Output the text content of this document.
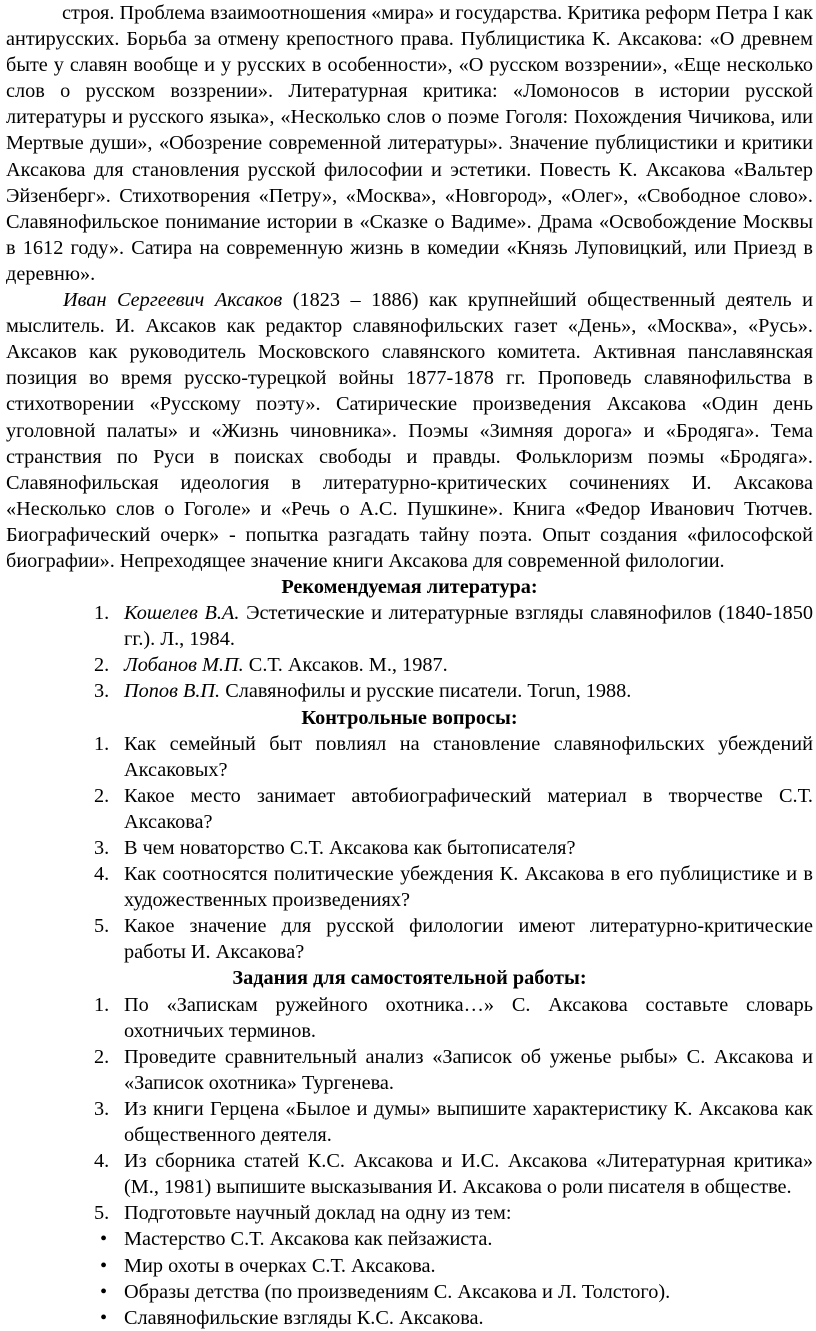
строя. Проблема взаимоотношения «мира» и государства. Критика реформ Петра I как антирусских. Борьба за отмену крепостного права. Публицистика К. Аксакова: «О древнем быте у славян вообще и у русских в особенности», «О русском воззрении», «Еще несколько слов о русском воззрении». Литературная критика: «Ломоносов в истории русской литературы и русского языка», «Несколько слов о поэме Гоголя: Похождения Чичикова, или Мертвые души», «Обозрение современной литературы». Значение публицистики и критики Аксакова для становления русской философии и эстетики. Повесть К. Аксакова «Вальтер Эйзенберг». Стихотворения «Петру», «Москва», «Новгород», «Олег», «Свободное слово». Славянофильское понимание истории в «Сказке о Вадиме». Драма «Освобождение Москвы в 1612 году». Сатира на современную жизнь в комедии «Князь Луповицкий, или Приезд в деревню».

Иван Сергеевич Аксаков (1823 – 1886) как крупнейший общественный деятель и мыслитель. И. Аксаков как редактор славянофильских газет «День», «Москва», «Русь». Аксаков как руководитель Московского славянского комитета. Активная панславянская позиция во время русско-турецкой войны 1877-1878 гг. Проповедь славянофильства в стихотворении «Русскому поэту». Сатирические произведения Аксакова «Один день уголовной палаты» и «Жизнь чиновника». Поэмы «Зимняя дорога» и «Бродяга». Тема странствия по Руси в поисках свободы и правды. Фольклоризм поэмы «Бродяга». Славянофильская идеология в литературно-критических сочинениях И. Аксакова «Несколько слов о Гоголе» и «Речь о А.С. Пушкине». Книга «Федор Иванович Тютчев. Биографический очерк» - попытка разгадать тайну поэта. Опыт создания «философской биографии». Непреходящее значение книги Аксакова для современной филологии.

Рекомендуемая литература:
1. Кошелев В.А. Эстетические и литературные взгляды славянофилов (1840-1850 гг.). Л., 1984.
2. Лобанов М.П. С.Т. Аксаков. М., 1987.
3. Попов В.П. Славянофилы и русские писатели. Torun, 1988.
Контрольные вопросы:
1. Как семейный быт повлиял на становление славянофильских убеждений Аксаковых?
2. Какое место занимает автобиографический материал в творчестве С.Т. Аксакова?
3. В чем новаторство С.Т. Аксакова как бытописателя?
4. Как соотносятся политические убеждения К. Аксакова в его публицистике и в художественных произведениях?
5. Какое значение для русской филологии имеют литературно-критические работы И. Аксакова?
Задания для самостоятельной работы:
1. По «Запискам ружейного охотника…» С. Аксакова составьте словарь охотничьих терминов.
2. Проведите сравнительный анализ «Записок об уженье рыбы» С. Аксакова и «Записок охотника» Тургенева.
3. Из книги Герцена «Былое и думы» выпишите характеристику К. Аксакова как общественного деятеля.
4. Из сборника статей К.С. Аксакова и И.С. Аксакова «Литературная критика» (М., 1981) выпишите высказывания И. Аксакова о роли писателя в обществе.
5. Подготовьте научный доклад на одну из тем:
• Мастерство С.Т. Аксакова как пейзажиста.
• Мир охоты в очерках С.Т. Аксакова.
• Образы детства (по произведениям С. Аксакова и Л. Толстого).
• Славянофильские взгляды К.С. Аксакова.
